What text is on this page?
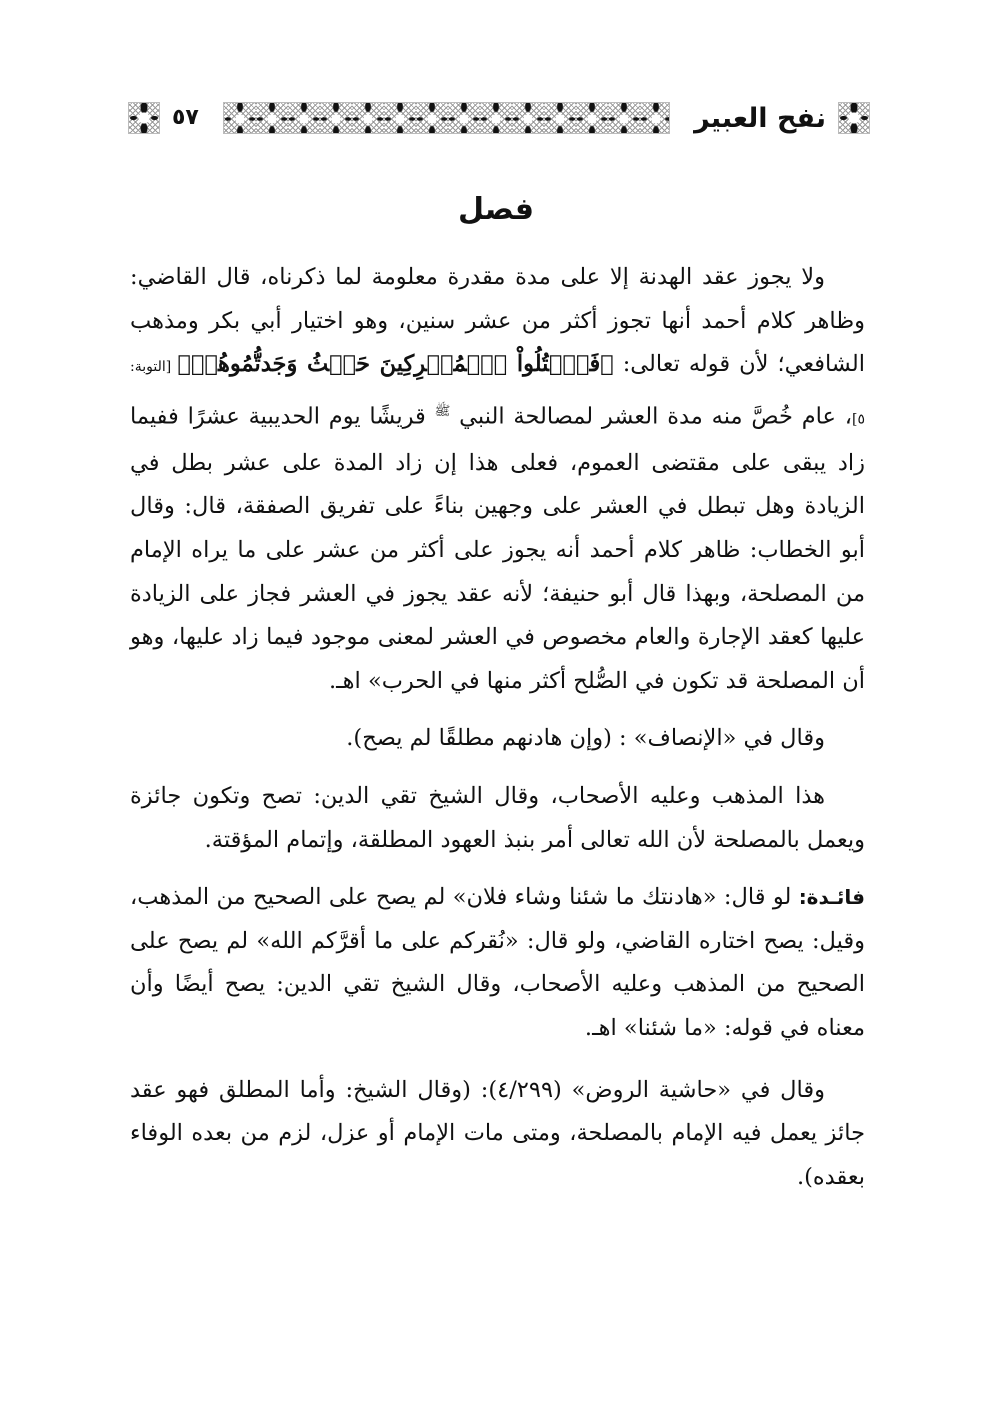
نفح العبير
٥٧
فصل

ولا يجوز عقد الهدنة إلا على مدة مقدرة معلومة لما ذكرناه، قال القاضي: وظاهر كلام أحمد أنها تجوز أكثر من عشر سنين، وهو اختيار أبي بكر ومذهب الشافعي؛ لأن قوله تعالى: ﴿فَٱقۡتُلُواْ ٱلۡمُشۡرِكِينَ حَيۡثُ وَجَدتُّمُوهُمۡ﴾ [التوبة: ٥]، عام خُصَّ منه مدة العشر لمصالحة النبي $^ﷺ$ قريشًا يوم الحديبية عشرًا ففيما زاد يبقى على مقتضى العموم، فعلى هذا إن زاد المدة على عشر بطل في الزيادة وهل تبطل في العشر على وجهين بناءً على تفريق الصفقة، قال: وقال أبو الخطاب: ظاهر كلام أحمد أنه يجوز على أكثر من عشر على ما يراه الإمام من المصلحة، وبهذا قال أبو حنيفة؛ لأنه عقد يجوز في العشر فجاز على الزيادة عليها كعقد الإجارة والعام مخصوص في العشر لمعنى موجود فيما زاد عليها، وهو أن المصلحة قد تكون في الصُّلح أكثر منها في الحرب» اهـ.

وقال في «الإنصاف» : (وإن هادنهم مطلقًا لم يصح).

هذا المذهب وعليه الأصحاب، وقال الشيخ تقي الدين: تصح وتكون جائزة ويعمل بالمصلحة لأن الله تعالى أمر بنبذ العهود المطلقة، وإتمام المؤقتة.

فائـدة: لو قال: «هادنتك ما شئنا وشاء فلان» لم يصح على الصحيح من المذهب، وقيل: يصح اختاره القاضي، ولو قال: «نُقركم على ما أقرَّكم الله» لم يصح على الصحيح من المذهب وعليه الأصحاب، وقال الشيخ تقي الدين: يصح أيضًا وأن معناه في قوله: «ما شئنا» اهـ.

وقال في «حاشية الروض» (٤/٢٩٩): (وقال الشيخ: وأما المطلق فهو عقد جائز يعمل فيه الإمام بالمصلحة، ومتى مات الإمام أو عزل، لزم من بعده الوفاء بعقده).
